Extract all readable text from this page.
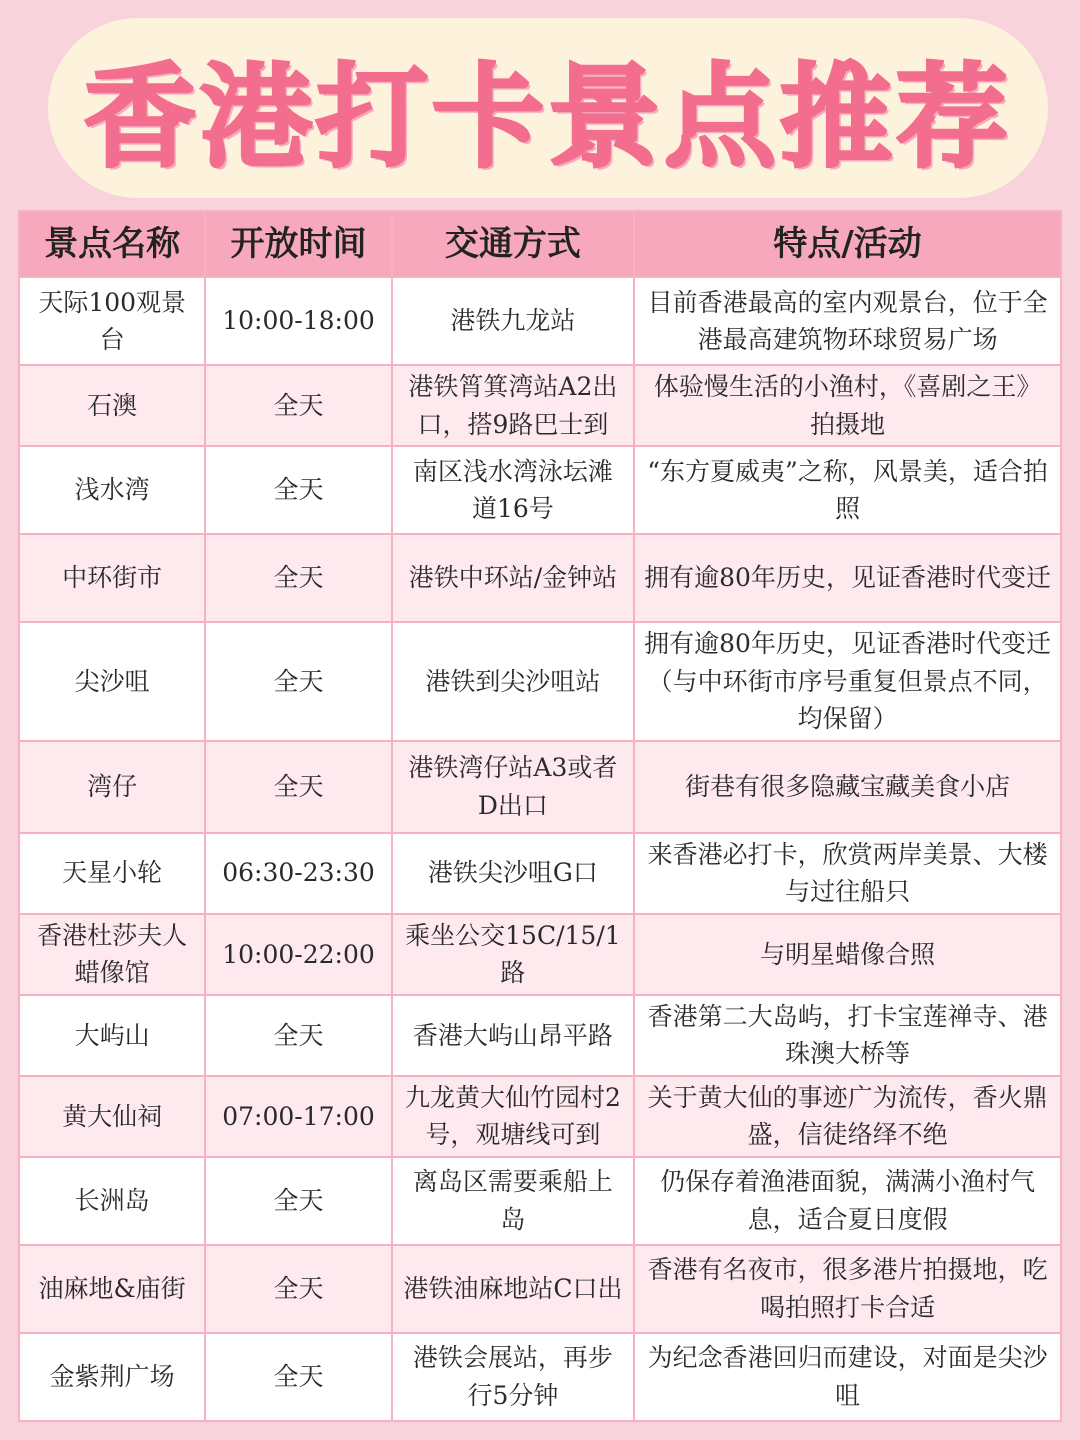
香港打卡景点推荐
景点名称	开放时间	交通方式	特点/活动
天际100观景台	10:00-18:00	港铁九龙站	目前香港最高的室内观景台，位于全港最高建筑物环球贸易广场
石澳	全天	港铁筲箕湾站A2出口，搭9路巴士到	体验慢生活的小渔村，《喜剧之王》拍摄地
浅水湾	全天	南区浅水湾泳坛滩道16号	“东方夏威夷”之称，风景美，适合拍照
中环街市	全天	港铁中环站/金钟站	拥有逾80年历史，见证香港时代变迁
尖沙咀	全天	港铁到尖沙咀站	拥有逾80年历史，见证香港时代变迁（与中环街市序号重复但景点不同，均保留）
湾仔	全天	港铁湾仔站A3或者D出口	街巷有很多隐藏宝藏美食小店
天星小轮	06:30-23:30	港铁尖沙咀G口	来香港必打卡，欣赏两岸美景、大楼与过往船只
香港杜莎夫人蜡像馆	10:00-22:00	乘坐公交15C/15/1路	与明星蜡像合照
大屿山	全天	香港大屿山昂平路	香港第二大岛屿，打卡宝莲禅寺、港珠澳大桥等
黄大仙祠	07:00-17:00	九龙黄大仙竹园村2号，观塘线可到	关于黄大仙的事迹广为流传，香火鼎盛，信徒络绎不绝
长洲岛	全天	离岛区需要乘船上岛	仍保存着渔港面貌，满满小渔村气息，适合夏日度假
油麻地&庙街	全天	港铁油麻地站C口出	香港有名夜市，很多港片拍摄地，吃喝拍照打卡合适
金紫荆广场	全天	港铁会展站，再步行5分钟	为纪念香港回归而建设，对面是尖沙咀
